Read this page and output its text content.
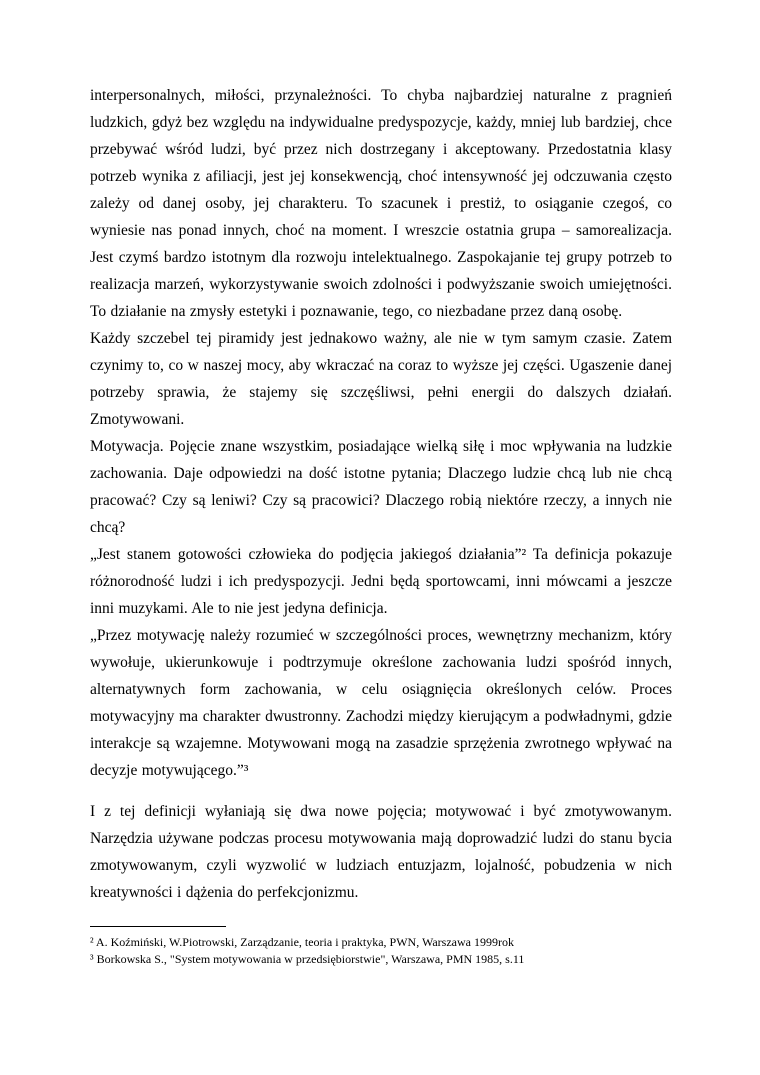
interpersonalnych, miłości, przynależności. To chyba najbardziej naturalne z pragnień ludzkich, gdyż bez względu na indywidualne predyspozycje, każdy, mniej lub bardziej, chce przebywać wśród ludzi, być przez nich dostrzegany i akceptowany. Przedostatnia klasy potrzeb wynika z afiliacji, jest jej konsekwencją, choć intensywność jej odczuwania często zależy od danej osoby, jej charakteru. To szacunek i prestiż, to osiąganie czegoś, co wyniesie nas ponad innych, choć na moment. I wreszcie ostatnia grupa – samorealizacja. Jest czymś bardzo istotnym dla rozwoju intelektualnego. Zaspokajanie tej grupy potrzeb to realizacja marzeń, wykorzystywanie swoich zdolności i podwyższanie swoich umiejętności. To działanie na zmysły estetyki i poznawanie, tego, co niezbadane przez daną osobę.

Każdy szczebel tej piramidy jest jednakowo ważny, ale nie w tym samym czasie. Zatem czynimy to, co w naszej mocy, aby wkraczać na coraz to wyższe jej części. Ugaszenie danej potrzeby sprawia, że stajemy się szczęśliwsi, pełni energii do dalszych działań. Zmotywowani.

Motywacja. Pojęcie znane wszystkim, posiadające wielką siłę i moc wpływania na ludzkie zachowania. Daje odpowiedzi na dość istotne pytania; Dlaczego ludzie chcą lub nie chcą pracować? Czy są leniwi? Czy są pracowici? Dlaczego robią niektóre rzeczy, a innych nie chcą?

„Jest stanem gotowości człowieka do podjęcia jakiegoś działania”² Ta definicja pokazuje różnorodność ludzi i ich predyspozycji. Jedni będą sportowcami, inni mówcami a jeszcze inni muzykami. Ale to nie jest jedyna definicja.

„Przez motywację należy rozumieć w szczególności proces, wewnętrzny mechanizm, który wywołuje, ukierunkowuje i podtrzymuje określone zachowania ludzi spośród innych, alternatywnych form zachowania, w celu osiągnięcia określonych celów. Proces motywacyjny ma charakter dwustronny. Zachodzi między kierującym a podwładnymi, gdzie interakcje są wzajemne. Motywowani mogą na zasadzie sprzężenia zwrotnego wpływać na decyzje motywującego.”³

I z tej definicji wyłaniają się dwa nowe pojęcia; motywować i być zmotywowanym. Narzędzia używane podczas procesu motywowania mają doprowadzić ludzi do stanu bycia zmotywowanym, czyli wyzwolić w ludziach entuzjazm, lojalność, pobudzenia w nich kreatywności i dążenia do perfekcjonizmu.

² A. Koźmiński, W.Piotrowski, Zarządzanie, teoria i praktyka, PWN, Warszawa 1999rok

³ Borkowska S., "System motywowania w przedsiębiorstwie", Warszawa, PMN 1985, s.11
